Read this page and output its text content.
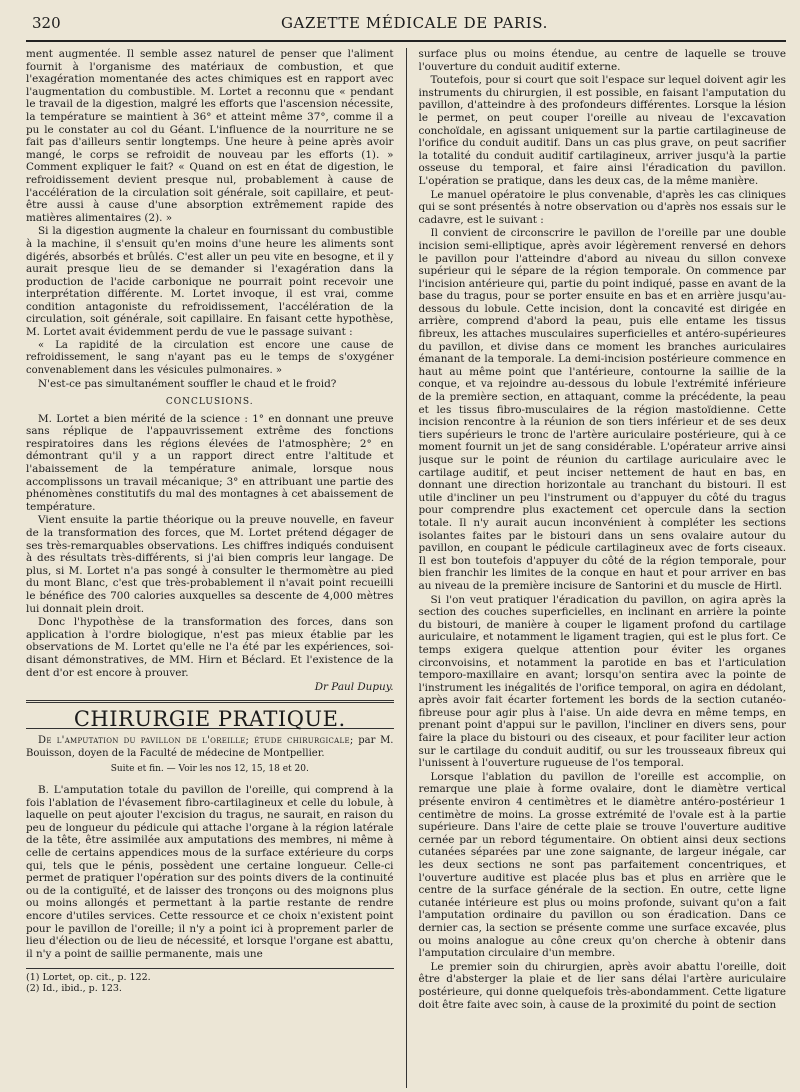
320	GAZETTE MÉDICALE DE PARIS.

ment augmentée. Il semble assez naturel de penser que l'aliment fournit à l'organisme des matériaux de combustion, et que l'exagération momentanée des actes chimiques est en rapport avec l'augmentation du combustible. M. Lortet a reconnu que « pendant le travail de la digestion, malgré les efforts que l'ascension nécessite, la température se maintient à 36° et atteint même 37°, comme il a pu le constater au col du Géant. L'influence de la nourriture ne se fait pas d'ailleurs sentir longtemps. Une heure à peine après avoir mangé, le corps se refroidit de nouveau par les efforts (1). » Comment expliquer le fait? « Quand on est en état de digestion, le refroidissement devient presque nul, probablement à cause de l'accélération de la circulation soit générale, soit capillaire, et peut-être aussi à cause d'une absorption extrêmement rapide des matières alimentaires (2). »

Si la digestion augmente la chaleur en fournissant du combustible à la machine, il s'ensuit qu'en moins d'une heure les aliments sont digérés, absorbés et brûlés. C'est aller un peu vite en besogne, et il y aurait presque lieu de se demander si l'exagération dans la production de l'acide carbonique ne pourrait point recevoir une interprétation différente. M. Lortet invoque, il est vrai, comme condition antagoniste du refroidissement, l'accélération de la circulation, soit générale, soit capillaire. En faisant cette hypothèse, M. Lortet avait évidemment perdu de vue le passage suivant :

« La rapidité de la circulation est encore une cause de refroidissement, le sang n'ayant pas eu le temps de s'oxygéner convenablement dans les vésicules pulmonaires. »

N'est-ce pas simultanément souffler le chaud et le froid?

CONCLUSIONS.

M. Lortet a bien mérité de la science : 1° en donnant une preuve sans réplique de l'appauvrissement extrême des fonctions respiratoires dans les régions élevées de l'atmosphère; 2° en démontrant qu'il y a un rapport direct entre l'altitude et l'abaissement de la température animale, lorsque nous accomplissons un travail mécanique; 3° en attribuant une partie des phénomènes constitutifs du mal des montagnes à cet abaissement de température.

Vient ensuite la partie théorique ou la preuve nouvelle, en faveur de la transformation des forces, que M. Lortet prétend dégager de ses très-remarquables observations. Les chiffres indiqués conduisent à des résultats très-différents, si j'ai bien compris leur langage. De plus, si M. Lortet n'a pas songé à consulter le thermomètre au pied du mont Blanc, c'est que très-probablement il n'avait point recueilli le bénéfice des 700 calories auxquelles sa descente de 4,000 mètres lui donnait plein droit.

Donc l'hypothèse de la transformation des forces, dans son application à l'ordre biologique, n'est pas mieux établie par les observations de M. Lortet qu'elle ne l'a été par les expériences, soi-disant démonstratives, de MM. Hirn et Béclard. Et l'existence de la dent d'or est encore à prouver.

Dr Paul Dupuy.
CHIRURGIE PRATIQUE.

De l'amputation du pavillon de l'oreille; étude chirurgicale; par M. Bouisson, doyen de la Faculté de médecine de Montpellier.

Suite et fin. — Voir les nos 12, 15, 18 et 20.

B. L'amputation totale du pavillon de l'oreille, qui comprend à la fois l'ablation de l'évasement fibro-cartilagineux et celle du lobule, à laquelle on peut ajouter l'excision du tragus, ne saurait, en raison du peu de longueur du pédicule qui attache l'organe à la région latérale de la tête, être assimilée aux amputations des membres, ni même à celle de certains appendices mous de la surface extérieure du corps qui, tels que le pénis, possèdent une certaine longueur. Celle-ci permet de pratiquer l'opération sur des points divers de la continuité ou de la contiguïté, et de laisser des tronçons ou des moignons plus ou moins allongés et permettant à la partie restante de rendre encore d'utiles services. Cette ressource et ce choix n'existent point pour le pavillon de l'oreille; il n'y a point ici à proprement parler de lieu d'élection ou de lieu de nécessité, et lorsque l'organe est abattu, il n'y a point de saillie permanente, mais une

(1) Lortet, op. cit., p. 122.
(2) Id., ibid., p. 123.

surface plus ou moins étendue, au centre de laquelle se trouve l'ouverture du conduit auditif externe.

Toutefois, pour si court que soit l'espace sur lequel doivent agir les instruments du chirurgien, il est possible, en faisant l'amputation du pavillon, d'atteindre à des profondeurs différentes. Lorsque la lésion le permet, on peut couper l'oreille au niveau de l'excavation conchoïdale, en agissant uniquement sur la partie cartilagineuse de l'orifice du conduit auditif. Dans un cas plus grave, on peut sacrifier la totalité du conduit auditif cartilagineux, arriver jusqu'à la partie osseuse du temporal, et faire ainsi l'éradication du pavillon. L'opération se pratique, dans les deux cas, de la même manière.

Le manuel opératoire le plus convenable, d'après les cas cliniques qui se sont présentés à notre observation ou d'après nos essais sur le cadavre, est le suivant :

Il convient de circonscrire le pavillon de l'oreille par une double incision semi-elliptique, après avoir légèrement renversé en dehors le pavillon pour l'atteindre d'abord au niveau du sillon convexe supérieur qui le sépare de la région temporale. On commence par l'incision antérieure qui, partie du point indiqué, passe en avant de la base du tragus, pour se porter ensuite en bas et en arrière jusqu'au-dessous du lobule. Cette incision, dont la concavité est dirigée en arrière, comprend d'abord la peau, puis elle entame les tissus fibreux, les attaches musculaires superficielles et antéro-supérieures du pavillon, et divise dans ce moment les branches auriculaires émanant de la temporale. La demi-incision postérieure commence en haut au même point que l'antérieure, contourne la saillie de la conque, et va rejoindre au-dessous du lobule l'extrémité inférieure de la première section, en attaquant, comme la précédente, la peau et les tissus fibro-musculaires de la région mastoïdienne. Cette incision rencontre à la réunion de son tiers inférieur et de ses deux tiers supérieurs le tronc de l'artère auriculaire postérieure, qui à ce moment fournit un jet de sang considérable. L'opérateur arrive ainsi jusque sur le point de réunion du cartilage auriculaire avec le cartilage auditif, et peut inciser nettement de haut en bas, en donnant une direction horizontale au tranchant du bistouri. Il est utile d'incliner un peu l'instrument ou d'appuyer du côté du tragus pour comprendre plus exactement cet opercule dans la section totale. Il n'y aurait aucun inconvénient à compléter les sections isolantes faites par le bistouri dans un sens ovalaire autour du pavillon, en coupant le pédicule cartilagineux avec de forts ciseaux. Il est bon toutefois d'appuyer du côté de la région temporale, pour bien franchir les limites de la conque en haut et pour arriver en bas au niveau de la première incisure de Santorini et du muscle de Hirtl.

Si l'on veut pratiquer l'éradication du pavillon, on agira après la section des couches superficielles, en inclinant en arrière la pointe du bistouri, de manière à couper le ligament profond du cartilage auriculaire, et notamment le ligament tragien, qui est le plus fort. Ce temps exigera quelque attention pour éviter les organes circonvoisins, et notamment la parotide en bas et l'articulation temporo-maxillaire en avant; lorsqu'on sentira avec la pointe de l'instrument les inégalités de l'orifice temporal, on agira en dédolant, après avoir fait écarter fortement les bords de la section cutanéo-fibreuse pour agir plus à l'aise. Un aide devra en même temps, en prenant point d'appui sur le pavillon, l'incliner en divers sens, pour faire la place du bistouri ou des ciseaux, et pour faciliter leur action sur le cartilage du conduit auditif, ou sur les trousseaux fibreux qui l'unissent à l'ouverture rugueuse de l'os temporal.

Lorsque l'ablation du pavillon de l'oreille est accomplie, on remarque une plaie à forme ovalaire, dont le diamètre vertical présente environ 4 centimètres et le diamètre antéro-postérieur 1 centimètre de moins. La grosse extrémité de l'ovale est à la partie supérieure. Dans l'aire de cette plaie se trouve l'ouverture auditive cernée par un rebord tégumentaire. On obtient ainsi deux sections cutanées séparées par une zone saignante, de largeur inégale, car les deux sections ne sont pas parfaitement concentriques, et l'ouverture auditive est placée plus bas et plus en arrière que le centre de la surface générale de la section. En outre, cette ligne cutanée intérieure est plus ou moins profonde, suivant qu'on a fait l'amputation ordinaire du pavillon ou son éradication. Dans ce dernier cas, la section se présente comme une surface excavée, plus ou moins analogue au cône creux qu'on cherche à obtenir dans l'amputation circulaire d'un membre.

Le premier soin du chirurgien, après avoir abattu l'oreille, doit être d'absterger la plaie et de lier sans délai l'artère auriculaire postérieure, qui donne quelquefois très-abondamment. Cette ligature doit être faite avec soin, à cause de la proximité du point de section
